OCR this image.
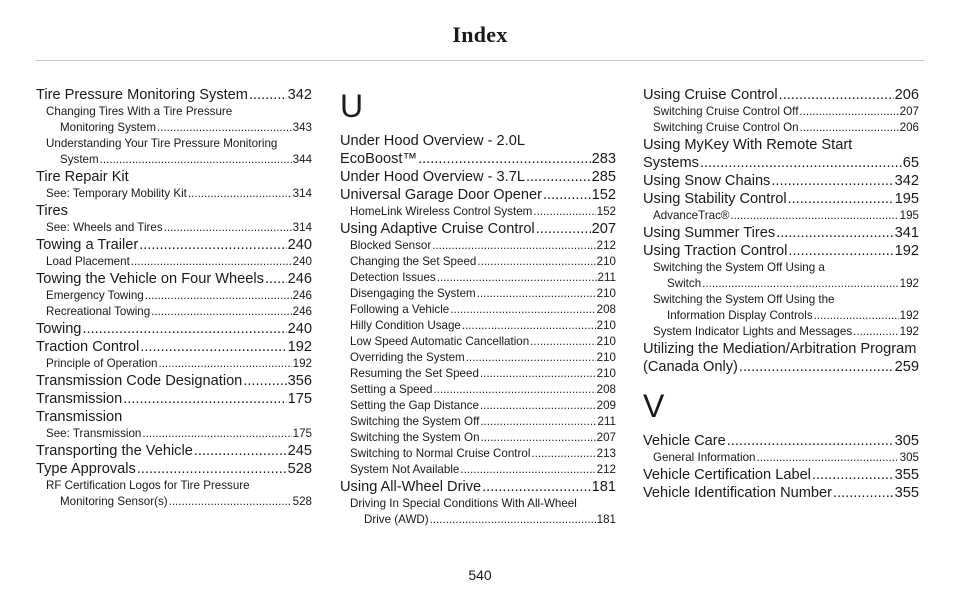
Index
Tire Pressure Monitoring System .....	342
Changing Tires With a Tire Pressure
Monitoring System .....	343
Understanding Your Tire Pressure Monitoring
System .....	344
Tire Repair Kit
See: Temporary Mobility Kit .....	314
Tires
See: Wheels and Tires .....	314
Towing a Trailer .....	240
Load Placement .....	240
Towing the Vehicle on Four Wheels ..... 246
Emergency Towing .....	246
Recreational Towing .....	246
Towing .....	240
Traction Control .....	192
Principle of Operation .....	192
Transmission Code Designation .....	356
Transmission .....	175
Transmission
See: Transmission .....	175
Transporting the Vehicle .....	245
Type Approvals .....	528
RF Certification Logos for Tire Pressure
Monitoring Sensor(s) .....	528
U
Under Hood Overview - 2.0L
EcoBoost™ .....	283
Under Hood Overview - 3.7L .....	285
Universal Garage Door Opener .....	152
HomeLink Wireless Control System .....	152
Using Adaptive Cruise Control .....	207
Blocked Sensor .....	212
Changing the Set Speed .....	210
Detection Issues .....	211
Disengaging the System .....	210
Following a Vehicle .....	208
Hilly Condition Usage .....	210
Low Speed Automatic Cancellation .....	210
Overriding the System .....	210
Resuming the Set Speed .....	210
Setting a Speed .....	208
Setting the Gap Distance .....	209
Switching the System Off .....	211
Switching the System On .....	207
Switching to Normal Cruise Control .....	213
System Not Available .....	212
Using All-Wheel Drive .....	181
Driving In Special Conditions With All-Wheel
Drive (AWD) .....	181
Using Cruise Control .....	206
Switching Cruise Control Off .....	207
Switching Cruise Control On .....	206
Using MyKey With Remote Start
Systems .....	65
Using Snow Chains .....	342
Using Stability Control .....	195
AdvanceTrac® .....	195
Using Summer Tires .....	341
Using Traction Control .....	192
Switching the System Off Using a
Switch .....	192
Switching the System Off Using the
Information Display Controls .....	192
System Indicator Lights and Messages .....	192
Utilizing the Mediation/Arbitration Program
(Canada Only) .....	259
V
Vehicle Care .....	305
General Information .....	305
Vehicle Certification Label .....	355
Vehicle Identification Number .....	355
540
